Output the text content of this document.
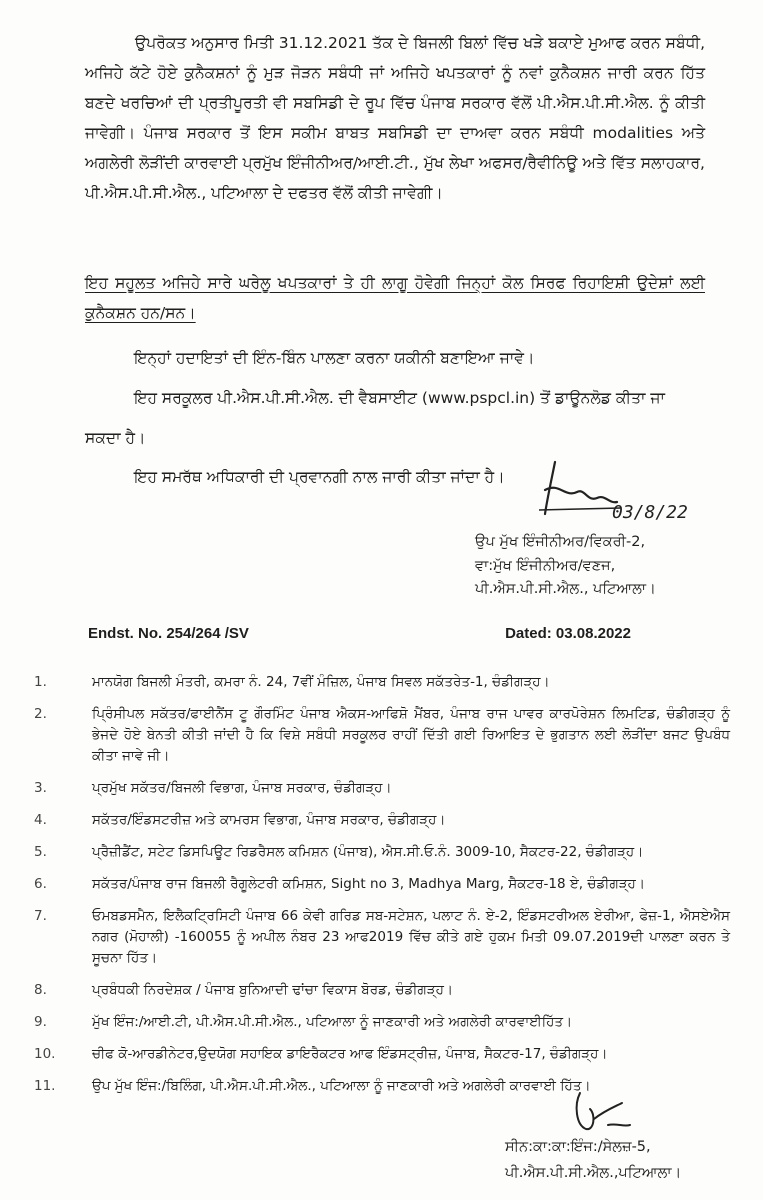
ਉਪਰੋਕਤ ਅਨੁਸਾਰ ਮਿਤੀ 31.12.2021 ਤੱਕ ਦੇ ਬਿਜਲੀ ਬਿਲਾਂ ਵਿੱਚ ਖੜੇ ਬਕਾਏ ਮੁਆਫ ਕਰਨ ਸਬੰਧੀ, ਅਜਿਹੇ ਕੱਟੇ ਹੋਏ ਕੁਨੈਕਸ਼ਨਾਂ ਨੂੰ ਮੁੜ ਜੋੜਨ ਸਬੰਧੀ ਜਾਂ ਅਜਿਹੇ ਖਪਤਕਾਰਾਂ ਨੂੰ ਨਵਾਂ ਕੁਨੈਕਸ਼ਨ ਜਾਰੀ ਕਰਨ ਹਿੱਤ ਬਣਦੇ ਖਰਚਿਆਂ ਦੀ ਪ੍ਰਤੀਪੂਰਤੀ ਵੀ ਸਬਸਿਡੀ ਦੇ ਰੂਪ ਵਿੱਚ ਪੰਜਾਬ ਸਰਕਾਰ ਵੱਲੋਂ ਪੀ.ਐਸ.ਪੀ.ਸੀ.ਐਲ. ਨੂੰ ਕੀਤੀ ਜਾਵੇਗੀ। ਪੰਜਾਬ ਸਰਕਾਰ ਤੋਂ ਇਸ ਸਕੀਮ ਬਾਬਤ ਸਬਸਿਡੀ ਦਾ ਦਾਅਵਾ ਕਰਨ ਸਬੰਧੀ modalities ਅਤੇ ਅਗਲੇਰੀ ਲੋੜੀਂਦੀ ਕਾਰਵਾਈ ਪ੍ਰਮੁੱਖ ਇੰਜੀਨੀਅਰ/ਆਈ.ਟੀ., ਮੁੱਖ ਲੇਖਾ ਅਫਸਰ/ਰੈਵੀਨਿਊ ਅਤੇ ਵਿੱਤ ਸਲਾਹਕਾਰ, ਪੀ.ਐਸ.ਪੀ.ਸੀ.ਐਲ., ਪਟਿਆਲਾ ਦੇ ਦਫਤਰ ਵੱਲੋਂ ਕੀਤੀ ਜਾਵੇਗੀ।
ਇਹ ਸਹੂਲਤ ਅਜਿਹੇ ਸਾਰੇ ਘਰੇਲੂ ਖਪਤਕਾਰਾਂ ਤੇ ਹੀ ਲਾਗੂ ਹੋਵੇਗੀ ਜਿਨ੍ਹਾਂ ਕੋਲ ਸਿਰਫ ਰਿਹਾਇਸ਼ੀ ਉਦੇਸ਼ਾਂ ਲਈ ਕੁਨੈਕਸ਼ਨ ਹਨ/ਸਨ।
ਇਨ੍ਹਾਂ ਹਦਾਇਤਾਂ ਦੀ ਇੰਨ-ਬਿੰਨ ਪਾਲਣਾ ਕਰਨਾ ਯਕੀਨੀ ਬਣਾਇਆ ਜਾਵੇ।
ਇਹ ਸਰਕੂਲਰ ਪੀ.ਐਸ.ਪੀ.ਸੀ.ਐਲ. ਦੀ ਵੈਬਸਾਈਟ (www.pspcl.in) ਤੋਂ ਡਾਊਨਲੋਡ ਕੀਤਾ ਜਾ
ਸਕਦਾ ਹੈ।
ਇਹ ਸਮਰੱਥ ਅਧਿਕਾਰੀ ਦੀ ਪ੍ਰਵਾਨਗੀ ਨਾਲ ਜਾਰੀ ਕੀਤਾ ਜਾਂਦਾ ਹੈ।
03/8/22
ਉਪ ਮੁੱਖ ਇੰਜੀਨੀਅਰ/ਵਿਕਰੀ-2,
ਵਾ:ਮੁੱਖ ਇੰਜੀਨੀਅਰ/ਵਣਜ,
ਪੀ.ਐਸ.ਪੀ.ਸੀ.ਐਲ., ਪਟਿਆਲਾ।
Endst. No. 254/264 /SV	Dated: 03.08.2022
1.	ਮਾਨਯੋਗ ਬਿਜਲੀ ਮੰਤਰੀ, ਕਮਰਾ ਨੰ. 24, 7ਵੀਂ ਮੰਜ਼ਿਲ, ਪੰਜਾਬ ਸਿਵਲ ਸਕੱਤਰੇਤ-1, ਚੰਡੀਗੜ੍ਹ।
2.	ਪ੍ਰਿੰਸੀਪਲ ਸਕੱਤਰ/ਫਾਈਨੈਂਸ ਟੂ ਗੌਰਮਿੰਟ ਪੰਜਾਬ ਐਕਸ-ਆਫਿਸ਼ੋ ਮੈਂਬਰ, ਪੰਜਾਬ ਰਾਜ ਪਾਵਰ ਕਾਰਪੋਰੇਸ਼ਨ ਲਿਮਟਿਡ, ਚੰਡੀਗੜ੍ਹ ਨੂੰ ਭੇਜਦੇ ਹੋਏ ਬੇਨਤੀ ਕੀਤੀ ਜਾਂਦੀ ਹੈ ਕਿ ਵਿਸ਼ੇ ਸਬੰਧੀ ਸਰਕੂਲਰ ਰਾਹੀਂ ਦਿੱਤੀ ਗਈ ਰਿਆਇਤ ਦੇ ਭੁਗਤਾਨ ਲਈ ਲੋੜੀਂਦਾ ਬਜਟ ਉਪਬੰਧ ਕੀਤਾ ਜਾਵੇ ਜੀ।
3.	ਪ੍ਰਮੁੱਖ ਸਕੱਤਰ/ਬਿਜਲੀ ਵਿਭਾਗ, ਪੰਜਾਬ ਸਰਕਾਰ, ਚੰਡੀਗੜ੍ਹ।
4.	ਸਕੱਤਰ/ਇੰਡਸਟਰੀਜ਼ ਅਤੇ ਕਾਮਰਸ ਵਿਭਾਗ, ਪੰਜਾਬ ਸਰਕਾਰ, ਚੰਡੀਗੜ੍ਹ।
5.	ਪ੍ਰੈਜ਼ੀਡੈਂਟ, ਸਟੇਟ ਡਿਸਪਿਊਟ ਰਿਡਰੈਸਲ ਕਮਿਸ਼ਨ (ਪੰਜਾਬ), ਐਸ.ਸੀ.ਓ.ਨੰ. 3009-10, ਸੈਕਟਰ-22, ਚੰਡੀਗੜ੍ਹ।
6.	ਸਕੱਤਰ/ਪੰਜਾਬ ਰਾਜ ਬਿਜਲੀ ਰੈਗੂਲੇਟਰੀ ਕਮਿਸ਼ਨ, Sight no 3, Madhya Marg, ਸੈਕਟਰ-18 ਏ, ਚੰਡੀਗੜ੍ਹ।
7.	ਓਮਬਡਸਮੈਨ, ਇਲੈਕਟ੍ਰਿਸਿਟੀ ਪੰਜਾਬ 66 ਕੇਵੀ ਗਰਿਡ ਸਬ-ਸਟੇਸ਼ਨ, ਪਲਾਟ ਨੰ. ਏ-2, ਇੰਡਸਟਰੀਅਲ ਏਰੀਆ, ਫੇਜ਼-1, ਐਸਏਐਸ ਨਗਰ (ਮੋਹਾਲੀ) -160055 ਨੂੰ ਅਪੀਲ ਨੰਬਰ 23 ਆਫ2019 ਵਿੱਚ ਕੀਤੇ ਗਏ ਹੁਕਮ ਮਿਤੀ 09.07.2019ਦੀ ਪਾਲਣਾ ਕਰਨ ਤੇ ਸੂਚਨਾ ਹਿੱਤ।
8.	ਪ੍ਰਬੰਧਕੀ ਨਿਰਦੇਸ਼ਕ / ਪੰਜਾਬ ਬੁਨਿਆਦੀ ਢਾਂਚਾ ਵਿਕਾਸ ਬੋਰਡ, ਚੰਡੀਗੜ੍ਹ।
9.	ਮੁੱਖ ਇੰਜ:/ਆਈ.ਟੀ, ਪੀ.ਐਸ.ਪੀ.ਸੀ.ਐਲ., ਪਟਿਆਲਾ ਨੂੰ ਜਾਣਕਾਰੀ ਅਤੇ ਅਗਲੇਰੀ ਕਾਰਵਾਈਹਿੱਤ।
10.	ਚੀਫ ਕੋ-ਆਰਡੀਨੇਟਰ,ਉਦਯੋਗ ਸਹਾਇਕ ਡਾਇਰੈਕਟਰ ਆਫ ਇੰਡਸਟ੍ਰੀਜ਼, ਪੰਜਾਬ, ਸੈਕਟਰ-17, ਚੰਡੀਗੜ੍ਹ।
11.	ਉਪ ਮੁੱਖ ਇੰਜ:/ਬਿਲਿੰਗ, ਪੀ.ਐਸ.ਪੀ.ਸੀ.ਐਲ., ਪਟਿਆਲਾ ਨੂੰ ਜਾਣਕਾਰੀ ਅਤੇ ਅਗਲੇਰੀ ਕਾਰਵਾਈ ਹਿੱਤ।
ਸੀਨ:ਕਾ:ਕਾ:ਇੰਜ:/ਸੇਲਜ਼-5,
ਪੀ.ਐਸ.ਪੀ.ਸੀ.ਐਲ.,ਪਟਿਆਲਾ।
